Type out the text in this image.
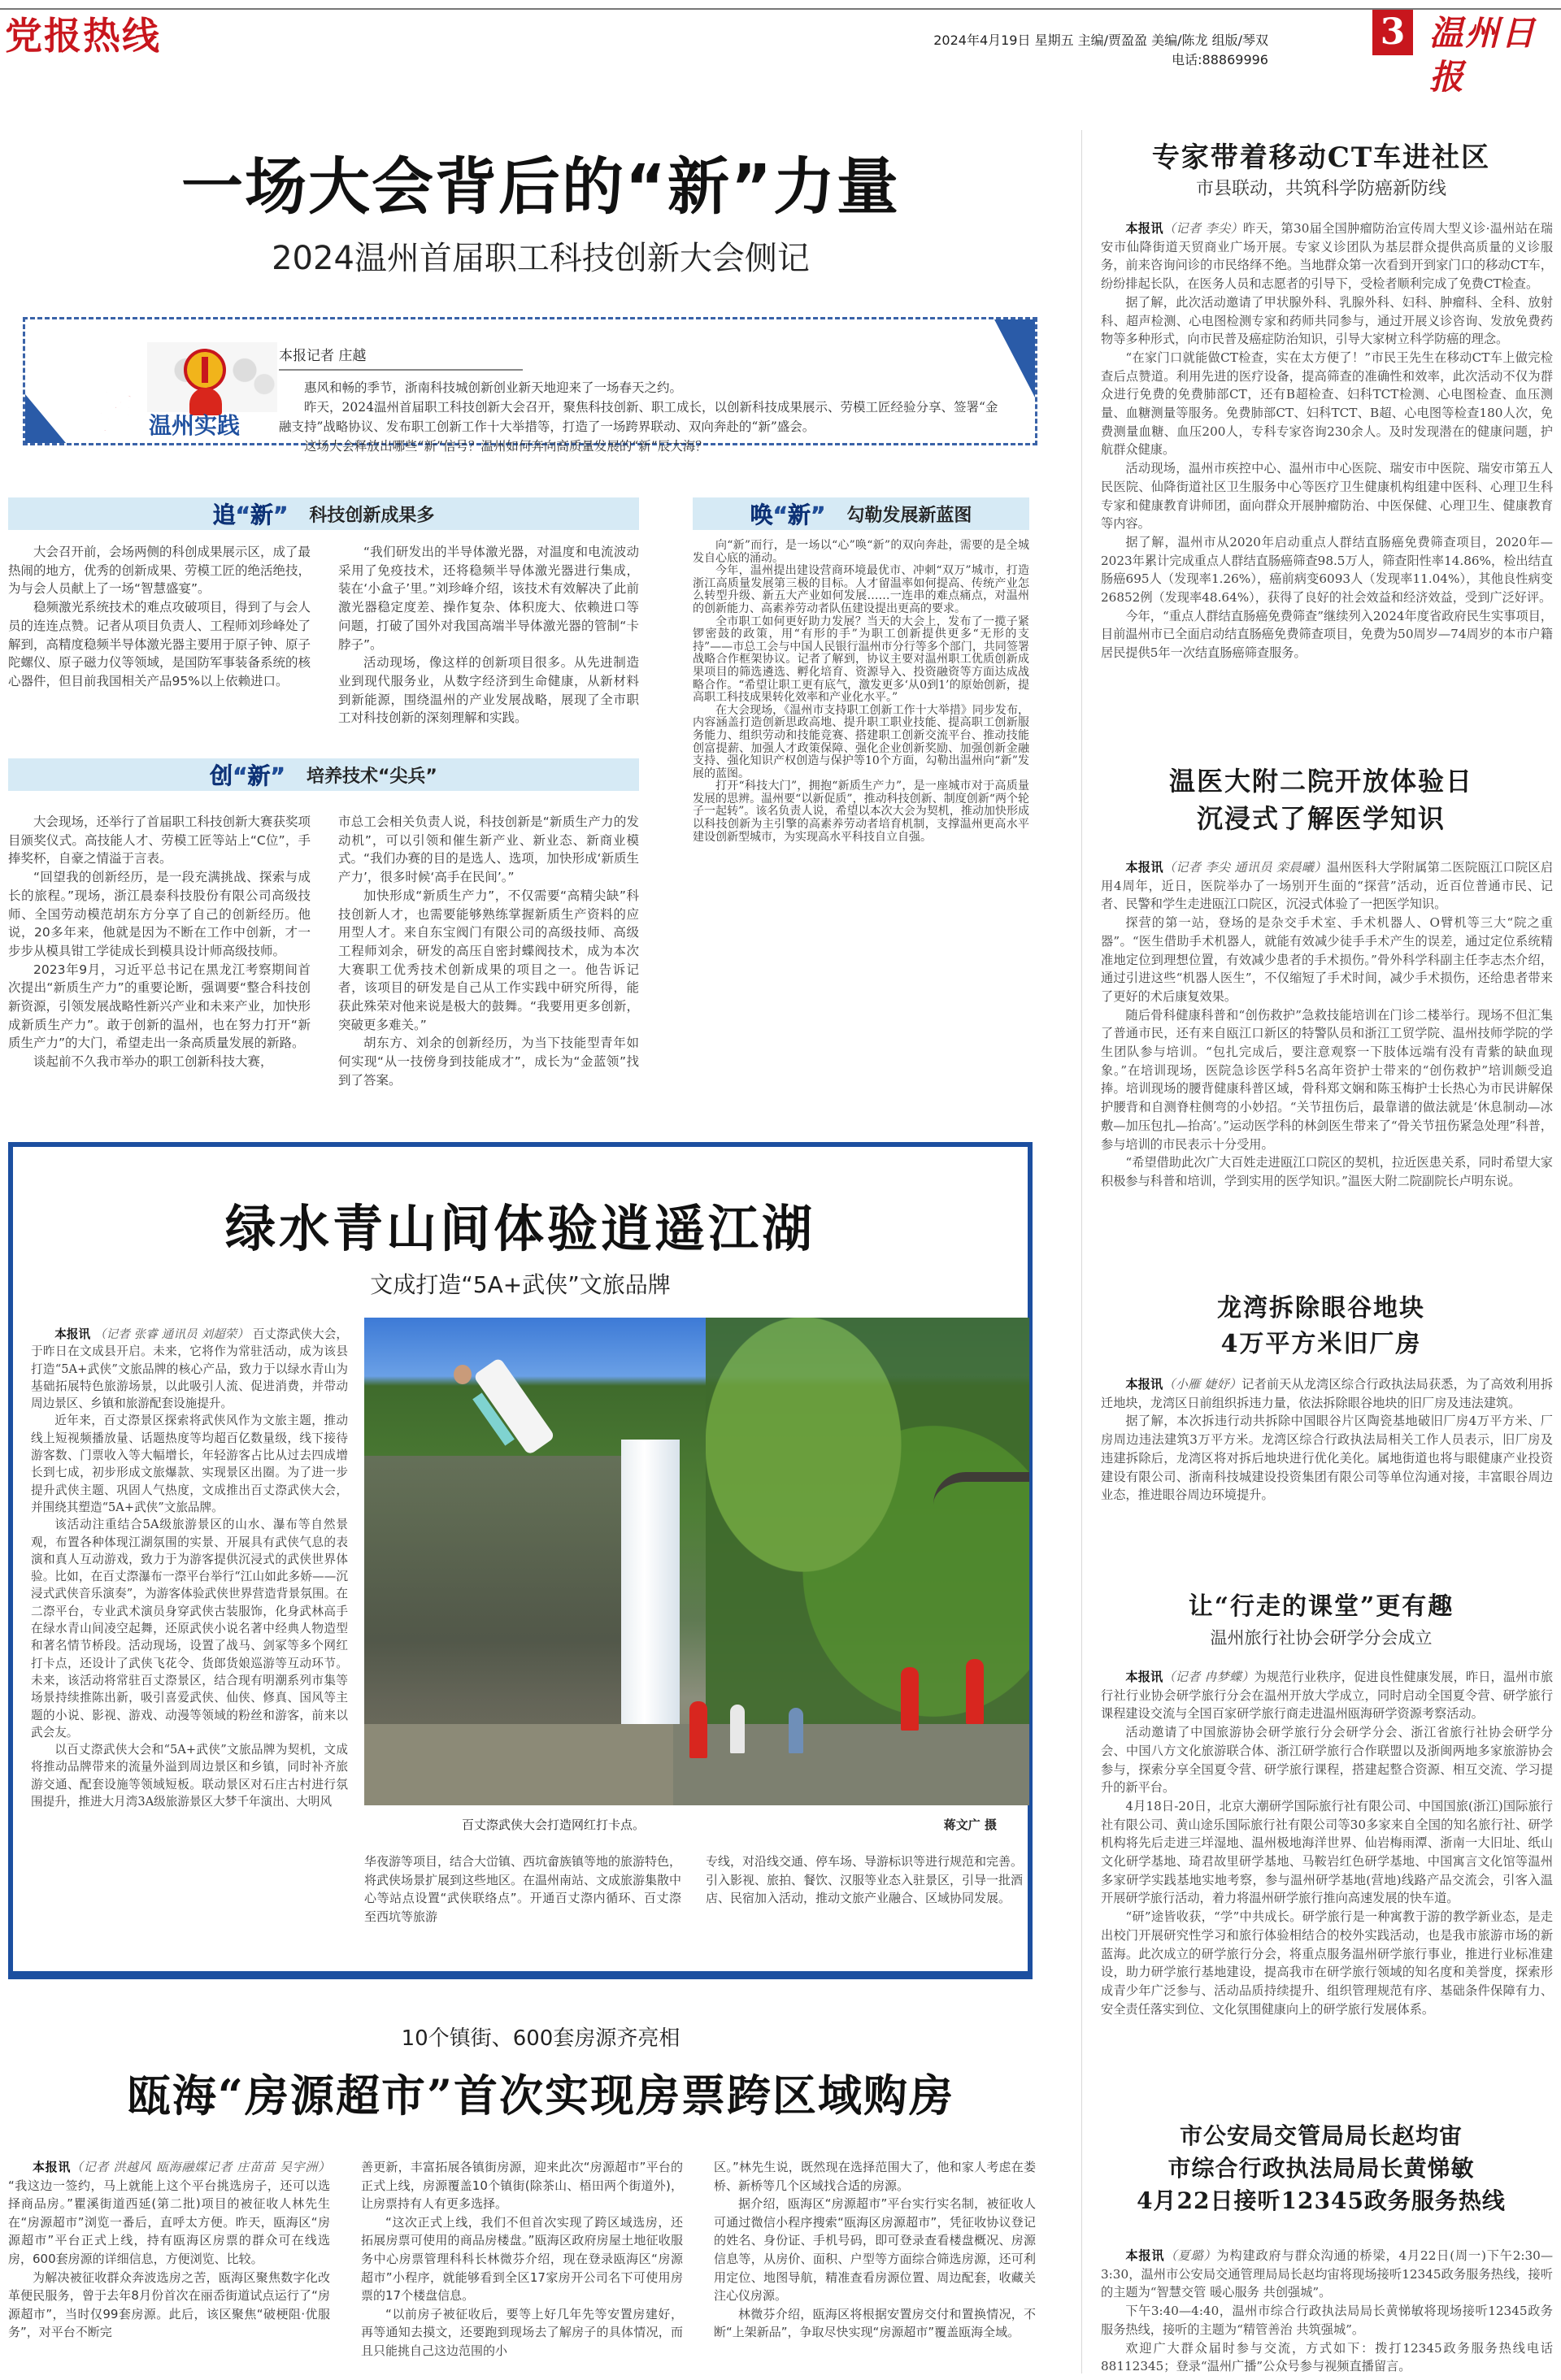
党报热线	2024年4月19日 星期五 主编/贾盈盈 美编/陈龙 组版/琴双
电话:88869996
3 温州日报
一场大会背后的“新”力量
2024温州首届职工科技创新大会侧记
工会
力量 温州实践
本报记者 庄越

惠风和畅的季节，浙南科技城创新创业新天地迎来了一场春天之约。

昨天，2024温州首届职工科技创新大会召开，聚焦科技创新、职工成长，以创新科技成果展示、劳模工匠经验分享、签署“金融支持”战略协议、发布职工创新工作十大举措等，打造了一场跨界联动、双向奔赴的“新”盛会。

这场大会释放出哪些“新”信号？温州如何奔向高质量发展的“新”辰大海？

追“新” 科技创新成果多

大会召开前，会场两侧的科创成果展示区，成了最热闹的地方，优秀的创新成果、劳模工匠的绝活绝技，为与会人员献上了一场“智慧盛宴”。

稳频激光系统技术的难点攻破项目，得到了与会人员的连连点赞。记者从项目负责人、工程师刘珍峰处了解到，高精度稳频半导体激光器主要用于原子钟、原子陀螺仪、原子磁力仪等领域，是国防军事装备系统的核心器件，但目前我国相关产品95%以上依赖进口。

“我们研发出的半导体激光器，对温度和电流波动采用了免疫技术，还将稳频半导体激光器进行集成，装在‘小盒子’里。”刘珍峰介绍，该技术有效解决了此前激光器稳定度差、操作复杂、体积庞大、依赖进口等问题，打破了国外对我国高端半导体激光器的管制“卡脖子”。

活动现场，像这样的创新项目很多。从先进制造业到现代服务业，从数字经济到生命健康，从新材料到新能源，围绕温州的产业发展战略，展现了全市职工对科技创新的深刻理解和实践。

创“新” 培养技术“尖兵”

大会现场，还举行了首届职工科技创新大赛获奖项目颁奖仪式。高技能人才、劳模工匠等站上“C位”，手捧奖杯，自豪之情溢于言表。

“回望我的创新经历，是一段充满挑战、探索与成长的旅程。”现场，浙江晨泰科技股份有限公司高级技师、全国劳动模范胡东方分享了自己的创新经历。他说，20多年来，他就是因为不断在工作中创新，才一步步从模具钳工学徒成长到模具设计师高级技师。

2023年9月，习近平总书记在黑龙江考察期间首次提出“新质生产力”的重要论断，强调要“整合科技创新资源，引领发展战略性新兴产业和未来产业，加快形成新质生产力”。敢于创新的温州，也在努力打开“新质生产力”的大门，希望走出一条高质量发展的新路。

谈起前不久我市举办的职工创新科技大赛，

市总工会相关负责人说，科技创新是“新质生产力的发动机”，可以引领和催生新产业、新业态、新商业模式。“我们办赛的目的是选人、选项，加快形成‘新质生产力’，很多时候‘高手在民间’。”

加快形成“新质生产力”，不仅需要“高精尖缺”科技创新人才，也需要能够熟练掌握新质生产资料的应用型人才。来自东宝阀门有限公司的高级技师、高级工程师刘余，研发的高压自密封蝶阀技术，成为本次大赛职工优秀技术创新成果的项目之一。他告诉记者，该项目的研发是自己从工作实践中研究所得，能获此殊荣对他来说是极大的鼓舞。“我要用更多创新，突破更多难关。”

胡东方、刘余的创新经历，为当下技能型青年如何实现“从一技傍身到技能成才”，成长为“金蓝领”找到了答案。

唤“新” 勾勒发展新蓝图

向“新”而行，是一场以“心”唤“新”的双向奔赴，需要的是全城发自心底的涌动。

今年，温州提出建设营商环境最优市、冲刺“双万”城市，打造浙江高质量发展第三极的目标。人才留温率如何提高、传统产业怎么转型升级、新五大产业如何发展……一连串的难点痛点，对温州的创新能力、高素养劳动者队伍建设提出更高的要求。

全市职工如何更好助力发展？当天的大会上，发布了一揽子紧锣密鼓的政策，用“有形的手”为职工创新提供更多“无形的支持”——市总工会与中国人民银行温州市分行等多个部门，共同签署战略合作框架协议。记者了解到，协议主要对温州职工优质创新成果项目的筛选遴选、孵化培育、资源导入、投资融资等方面达成战略合作。“希望让职工更有底气，激发更多‘从0到1’的原始创新，提高职工科技成果转化效率和产业化水平。”

在大会现场，《温州市支持职工创新工作十大举措》同步发布，内容涵盖打造创新思政高地、提升职工职业技能、提高职工创新服务能力、组织劳动和技能竞赛、搭建职工创新交流平台、推动技能创富提薪、加强人才政策保障、强化企业创新奖励、加强创新金融支持、强化知识产权创造与保护等10个方面，勾勒出温州向“新”发展的蓝图。

打开“科技大门”，拥抱“新质生产力”，是一座城市对于高质量发展的思辨。温州要“以新促质”，推动科技创新、制度创新“两个轮子一起转”。该名负责人说，希望以本次大会为契机，推动加快形成以科技创新为主引擎的高素养劳动者培育机制，支撑温州更高水平建设创新型城市，为实现高水平科技自立自强。

绿水青山间体验逍遥江湖
文成打造“5A+武侠”文旅品牌

本报讯 （记者 张睿 通讯员 刘超荣） 百丈漈武侠大会，于昨日在文成县开启。未来，它将作为常驻活动，成为该县打造“5A+武侠”文旅品牌的核心产品，致力于以绿水青山为基础拓展特色旅游场景，以此吸引人流、促进消费，并带动周边景区、乡镇和旅游配套设施提升。

近年来，百丈漈景区探索将武侠风作为文旅主题，推动线上短视频播放量、话题热度等均超百亿数量级，线下接待游客数、门票收入等大幅增长，年轻游客占比从过去四成增长到七成，初步形成文旅爆款、实现景区出圈。为了进一步提升武侠主题、巩固人气热度，文成推出百丈漈武侠大会，并围绕其塑造“5A+武侠”文旅品牌。

该活动注重结合5A级旅游景区的山水、瀑布等自然景观，布置各种体现江湖氛围的实景、开展具有武侠气息的表演和真人互动游戏，致力于为游客提供沉浸式的武侠世界体验。比如，在百丈漈瀑布一漈平台举行“江山如此多娇——沉浸式武侠音乐演奏”，为游客体验武侠世界营造背景氛围。在二漈平台，专业武术演员身穿武侠古装服饰，化身武林高手在绿水青山间凌空起舞，还原武侠小说名著中经典人物造型和著名情节桥段。活动现场，设置了战马、剑冢等多个网红打卡点，还设计了武侠飞花令、货郎货娘巡游等互动环节。未来，该活动将常驻百丈漈景区，结合现有明潮系列市集等场景持续推陈出新，吸引喜爱武侠、仙侠、修真、国风等主题的小说、影视、游戏、动漫等领域的粉丝和游客，前来以武会友。

以百丈漈武侠大会和“5A+武侠”文旅品牌为契机，文成将推动品牌带来的流量外溢到周边景区和乡镇，同时补齐旅游交通、配套设施等领域短板。联动景区对石庄古村进行氛围提升，推进大月湾3A级旅游景区大梦千年演出、大明风

百丈漈武侠大会打造网红打卡点。	蒋文广 摄

华夜游等项目，结合大峃镇、西坑畲族镇等地的旅游特色，将武侠场景扩展到这些地区。在温州南站、文成旅游集散中心等站点设置“武侠联络点”。开通百丈漈内循环、百丈漈至西坑等旅游

专线，对沿线交通、停车场、导游标识等进行规范和完善。引入影视、旅拍、餐饮、汉服等业态入驻景区，引导一批酒店、民宿加入活动，推动文旅产业融合、区域协同发展。

10个镇街、600套房源齐亮相
瓯海“房源超市”首次实现房票跨区域购房

本报讯（记者 洪越风 瓯海融媒记者 庄苗苗 吴宇洲） “我这边一签约，马上就能上这个平台挑选房子，还可以选择商品房。”瞿溪街道西延(第二批)项目的被征收人林先生在“房源超市”浏览一番后，直呼太方便。昨天，瓯海区“房源超市”平台正式上线，持有瓯海区房票的群众可在线选房，600套房源的详细信息，方便浏览、比较。

为解决被征收群众奔波选房之苦，瓯海区聚焦数字化改革便民服务，曾于去年8月份首次在丽岙街道试点运行了“房源超市”，当时仅99套房源。此后，该区聚焦“破梗阻·优服务”，对平台不断完

善更新，丰富拓展各镇街房源，迎来此次“房源超市”平台的正式上线，房源覆盖10个镇街(除茶山、梧田两个街道外)，让房票持有人有更多选择。

“这次正式上线，我们不但首次实现了跨区域选房，还拓展房票可使用的商品房楼盘。”瓯海区政府房屋土地征收服务中心房票管理科科长林微芬介绍，现在登录瓯海区“房源超市”小程序，就能够看到全区17家房开公司名下可使用房票的17个楼盘信息。

“以前房子被征收后，要等上好几年先等安置房建好，再等通知去摸文，还要跑到现场去了解房子的具体情况，而且只能挑自己这边范围的小

区。”林先生说，既然现在选择范围大了，他和家人考虑在娄桥、新桥等几个区域找合适的房源。

据介绍，瓯海区“房源超市”平台实行实名制，被征收人可通过微信小程序搜索“瓯海区房源超市”，凭征收协议登记的姓名、身份证、手机号码，即可登录查看楼盘概况、房源信息等，从房价、面积、户型等方面综合筛选房源，还可利用定位、地图导航，精准查看房源位置、周边配套，收藏关注心仪房源。

林微芬介绍，瓯海区将根据安置房交付和置换情况，不断“上架新品”，争取尽快实现“房源超市”覆盖瓯海全域。

专家带着移动CT车进社区
市县联动，共筑科学防癌新防线

本报讯（记者 李尖）昨天，第30届全国肿瘤防治宣传周大型义诊·温州站在瑞安市仙降街道天贸商业广场开展。专家义诊团队为基层群众提供高质量的义诊服务，前来咨询问诊的市民络绎不绝。当地群众第一次看到开到家门口的移动CT车，纷纷排起长队，在医务人员和志愿者的引导下，受检者顺利完成了免费CT检查。

据了解，此次活动邀请了甲状腺外科、乳腺外科、妇科、肿瘤科、全科、放射科、超声检测、心电图检测专家和药师共同参与，通过开展义诊咨询、发放免费药物等多种形式，向市民普及癌症防治知识，引导大家树立科学防癌的理念。

“在家门口就能做CT检查，实在太方便了！”市民王先生在移动CT车上做完检查后点赞道。利用先进的医疗设备，提高筛查的准确性和效率，此次活动不仅为群众进行免费的免费肺部CT，还有B超检查、妇科TCT检测、心电图检查、血压测量、血糖测量等服务。免费肺部CT、妇科TCT、B超、心电图等检查180人次，免费测量血糖、血压200人，专科专家咨询230余人。及时发现潜在的健康问题，护航群众健康。

活动现场，温州市疾控中心、温州市中心医院、瑞安市中医院、瑞安市第五人民医院、仙降街道社区卫生服务中心等医疗卫生健康机构组建中医科、心理卫生科专家和健康教育讲师团，面向群众开展肿瘤防治、中医保健、心理卫生、健康教育等内容。

据了解，温州市从2020年启动重点人群结直肠癌免费筛查项目，2020年—2023年累计完成重点人群结直肠癌筛查98.5万人，筛查阳性率14.86%，检出结直肠癌695人（发现率1.26%），癌前病变6093人（发现率11.04%），其他良性病变26852例（发现率48.64%），获得了良好的社会效益和经济效益，受到广泛好评。

今年，“重点人群结直肠癌免费筛查”继续列入2024年度省政府民生实事项目，目前温州市已全面启动结直肠癌免费筛查项目，免费为50周岁—74周岁的本市户籍居民提供5年一次结直肠癌筛查服务。

温医大附二院开放体验日
沉浸式了解医学知识

本报讯（记者 李尖 通讯员 栾晨曦）温州医科大学附属第二医院瓯江口院区启用4周年，近日，医院举办了一场别开生面的“探营”活动，近百位普通市民、记者、民警和学生走进瓯江口院区，沉浸式体验了一把医学知识。

探营的第一站，登场的是杂交手术室、手术机器人、O臂机等三大“院之重器”。“医生借助手术机器人，就能有效减少徒手手术产生的误差，通过定位系统精准地定位到理想位置，有效减少患者的手术损伤。”骨外科学科副主任李志杰介绍，通过引进这些“机器人医生”，不仅缩短了手术时间，减少手术损伤，还给患者带来了更好的术后康复效果。

随后骨科健康科普和“创伤救护”急救技能培训在门诊二楼举行。现场不但汇集了普通市民，还有来自瓯江口新区的特警队员和浙江工贸学院、温州技师学院的学生团队参与培训。“包扎完成后，要注意观察一下肢体远端有没有青紫的缺血现象。”在培训现场，医院急诊医学科5名高年资护士带来的“创伤救护”培训颇受追捧。培训现场的腰背健康科普区域，骨科郑文娴和陈玉梅护士长热心为市民讲解保护腰背和自测脊柱侧弯的小妙招。“关节扭伤后，最靠谱的做法就是‘休息制动—冰敷—加压包扎—抬高’。”运动医学科的林剑医生带来了“骨关节扭伤紧急处理”科普，参与培训的市民表示十分受用。

“希望借助此次广大百姓走进瓯江口院区的契机，拉近医患关系，同时希望大家积极参与科普和培训，学到实用的医学知识。”温医大附二院副院长卢明东说。

龙湾拆除眼谷地块
4万平方米旧厂房

本报讯（小雁 婕妤）记者前天从龙湾区综合行政执法局获悉，为了高效利用拆迁地块，龙湾区日前组织拆违力量，依法拆除眼谷地块的旧厂房及违法建筑。

据了解，本次拆违行动共拆除中国眼谷片区陶瓷基地破旧厂房4万平方米、厂房周边违法建筑3万平方米。龙湾区综合行政执法局相关工作人员表示，旧厂房及违建拆除后，龙湾区将对拆后地块进行优化美化。属地街道也将与眼健康产业投资建设有限公司、浙南科技城建设投资集团有限公司等单位沟通对接，丰富眼谷周边业态，推进眼谷周边环境提升。

让“行走的课堂”更有趣
温州旅行社协会研学分会成立

本报讯（记者 冉梦蝶）为规范行业秩序，促进良性健康发展，昨日，温州市旅行社行业协会研学旅行分会在温州开放大学成立，同时启动全国夏令营、研学旅行课程建设交流与全国百家研学旅行商走进温州瓯海研学资源考察活动。

活动邀请了中国旅游协会研学旅行分会研学分会、浙江省旅行社协会研学分会、中国八方文化旅游联合体、浙江研学旅行合作联盟以及浙闽两地多家旅游协会参与，探索分享全国夏令营、研学旅行课程，搭建起整合资源、相互交流、学习提升的新平台。

4月18日-20日，北京大潮研学国际旅行社有限公司、中国国旅(浙江)国际旅行社有限公司、黄山途乐国际旅行社有限公司等30多家来自全国的知名旅行社、研学机构将先后走进三垟湿地、温州极地海洋世界、仙岩梅雨潭、浙南一大旧址、纸山文化研学基地、琦君故里研学基地、马鞍岩红色研学基地、中国寓言文化馆等温州多家研学实践基地实地考察，参与温州研学基地(营地)线路产品交流会，引客入温开展研学旅行活动，着力将温州研学旅行推向高速发展的快车道。

“研”途皆收获，“学”中共成长。研学旅行是一种寓教于游的教学新业态，是走出校门开展研究性学习和旅行体验相结合的校外实践活动，也是我市旅游市场的新蓝海。此次成立的研学旅行分会，将重点服务温州研学旅行事业，推进行业标准建设，助力研学旅行基地建设，提高我市在研学旅行领域的知名度和美誉度，探索形成青少年广泛参与、活动品质持续提升、组织管理规范有序、基础条件保障有力、安全责任落实到位、文化氛围健康向上的研学旅行发展体系。

市公安局交管局局长赵均宙
市综合行政执法局局长黄悌敏
4月22日接听12345政务服务热线

本报讯（夏璐）为构建政府与群众沟通的桥梁，4月22日(周一)下午2:30—3:30，温州市公安局交通管理局局长赵均宙将现场接听12345政务服务热线，接听的主题为“智慧交管 暖心服务 共创强城”。

下午3:40—4:40，温州市综合行政执法局局长黄悌敏将现场接听12345政务服务热线，接听的主题为“精管善治 共筑强城”。

欢迎广大群众届时参与交流，方式如下：拨打12345政务服务热线电话88112345；登录“温州广播”公众号参与视频直播留言。
